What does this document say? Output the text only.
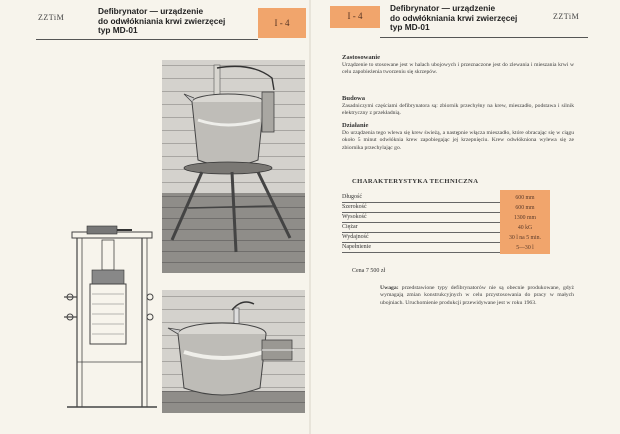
ZZTiM
Defibrynator — urządzenie
do odwłókniania krwi zwierzęcej
typ MD-01
I - 4
I - 4
Defibrynator — urządzenie
do odwłókniania krwi zwierzęcej
typ MD-01
ZZTiM
Zastosowanie
Urządzenie to stosowane jest w halach ubojowych i przeznaczone jest do zlewania i mieszania krwi w celu zapobieżenia tworzeniu się skrzepów.
Budowa
Zasadniczymi częściami defibrynatora są: zbiornik przechyłny na krew, mieszadło, podstawa i silnik elektryczny z przekładnią.
Działanie
Do urządzenia tego wlewa się krew świeżą, a następnie włącza mieszadło, które obracając się w ciągu około 5 minut odwłóknia krew zapobiegając jej krzepnięciu. Krew odwłókniona wylewa się ze zbiornika przechylając go.
CHARAKTERYSTYKA TECHNICZNA
Długość	600 mm
Szerokość	600 mm
Wysokość	1300 mm
Ciężar	40 kG
Wydajność	30 l na 5 min.
Napełnienie	5—30 l
Cena 7 500 zł
Uwaga: przedstawione typy defibrynatorów nie są obecnie produkowane, gdyż wymagają zmian konstrukcyjnych w celu przystosowania do pracy w małych ubojniach. Uruchomienie produkcji przewidywane jest w roku 1963.
